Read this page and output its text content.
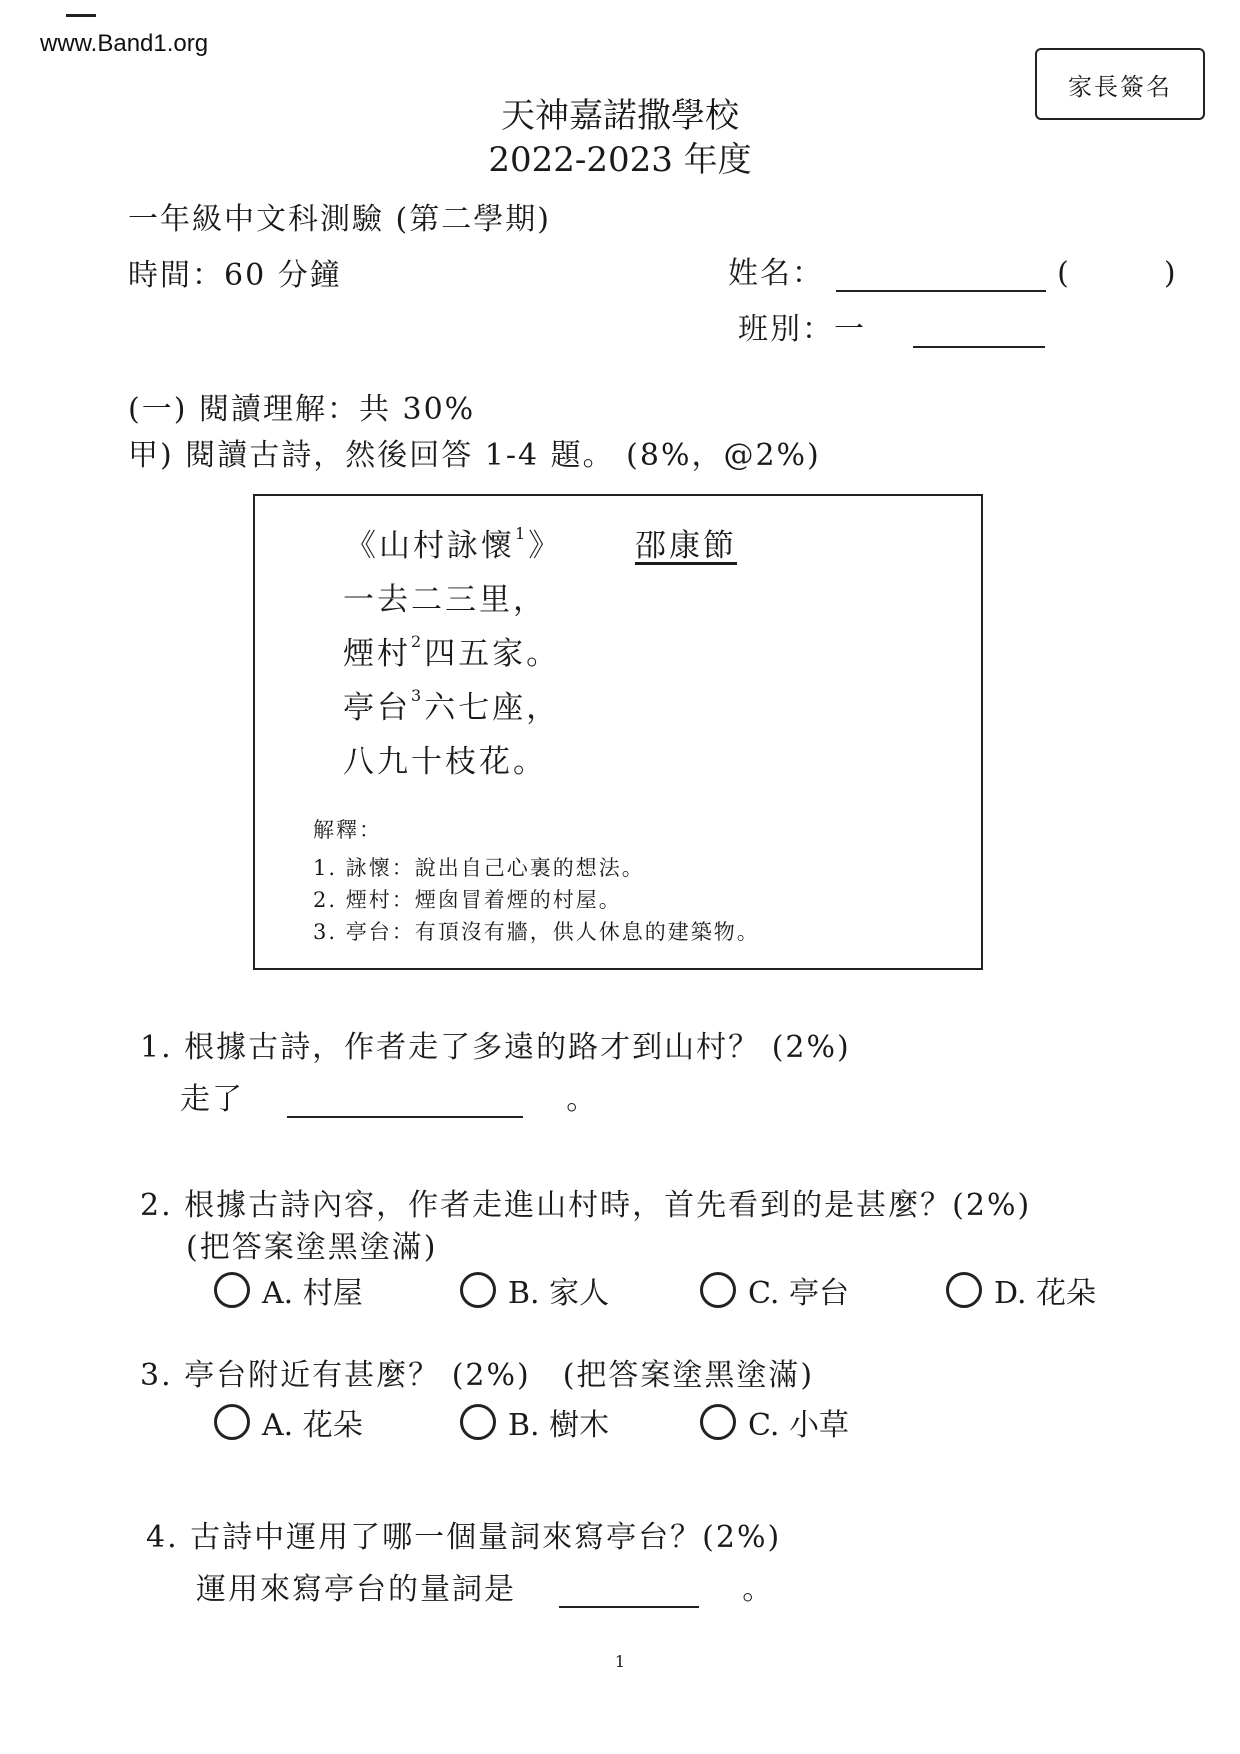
www.Band1.org
家長簽名
天神嘉諾撒學校
2022-2023 年度
一年級中文科測驗 (第二學期)
時間：60 分鐘	姓名：	(	)
班別：一
(一) 閱讀理解：共 30%
甲) 閱讀古詩，然後回答 1-4 題。 (8%，@2%)
《山村詠懷$^1$》 邵康節
一去二三里，
煙村$^2$四五家。
亭台$^3$六七座，
八九十枝花。
解釋：
1. 詠懷：說出自己心裏的想法。
2. 煙村：煙囱冒着煙的村屋。
3. 亭台：有頂沒有牆，供人休息的建築物。
1. 根據古詩，作者走了多遠的路才到山村？ (2%)
走了	。
2. 根據古詩內容，作者走進山村時，首先看到的是甚麼？(2%)
(把答案塗黑塗滿)
A. 村屋	B. 家人	C. 亭台	D. 花朵
3. 亭台附近有甚麼？ (2%)　(把答案塗黑塗滿)
A. 花朵	B. 樹木	C. 小草
4. 古詩中運用了哪一個量詞來寫亭台？(2%)
運用來寫亭台的量詞是	。
1
